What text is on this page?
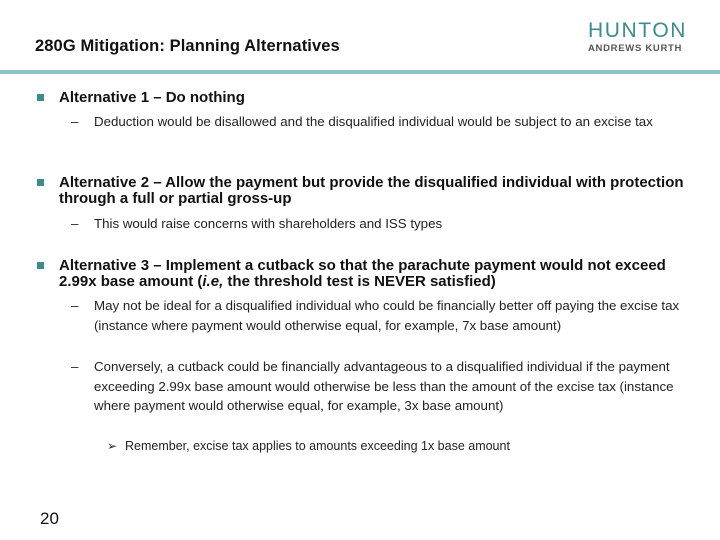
280G Mitigation: Planning Alternatives
HUNTON
ANDREWS KURTH
Alternative 1 – Do nothing
–	Deduction would be disallowed and the disqualified individual would be subject to an excise tax
Alternative 2 – Allow the payment but provide the disqualified individual with protection through a full or partial gross-up
–	This would raise concerns with shareholders and ISS types
Alternative 3 – Implement a cutback so that the parachute payment would not exceed 2.99x base amount (i.e, the threshold test is NEVER satisfied)
–	May not be ideal for a disqualified individual who could be financially better off paying the excise tax (instance where payment would otherwise equal, for example, 7x base amount)
–	Conversely, a cutback could be financially advantageous to a disqualified individual if the payment exceeding 2.99x base amount would otherwise be less than the amount of the excise tax (instance where payment would otherwise equal, for example, 3x base amount)
➢ Remember, excise tax applies to amounts exceeding 1x base amount
20
